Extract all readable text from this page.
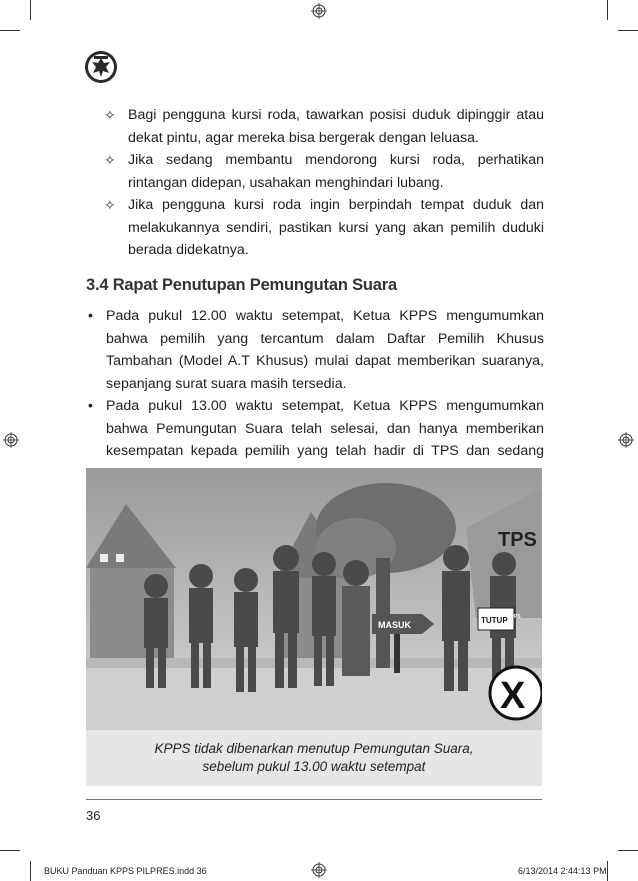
✧ Bagi pengguna kursi roda, tawarkan posisi duduk dipinggir atau dekat pintu, agar mereka bisa bergerak dengan leluasa.
✧ Jika sedang membantu mendorong kursi roda, perhatikan rintangan didepan, usahakan menghindari lubang.
✧ Jika pengguna kursi roda ingin berpindah tempat duduk dan melakukannya sendiri, pastikan kursi yang akan pemilih duduki berada didekatnya.
3.4 Rapat Penutupan Pemungutan Suara
• Pada pukul 12.00 waktu setempat, Ketua KPPS mengumumkan bahwa pemilih yang tercantum dalam Daftar Pemilih Khusus Tambahan (Model A.T Khusus) mulai dapat memberikan suaranya, sepanjang surat suara masih tersedia.
• Pada pukul 13.00 waktu setempat, Ketua KPPS mengumumkan bahwa Pemungutan Suara telah selesai, dan hanya memberikan kesempatan kepada pemilih yang telah hadir di TPS dan sedang
TPS
MASUK	TUTUP KPPS
X
KPPS tidak dibenarkan menutup Pemungutan Suara,
sebelum pukul 13.00 waktu setempat
36
BUKU Panduan KPPS PILPRES.indd 36	6/13/2014 2:44:13 PM
